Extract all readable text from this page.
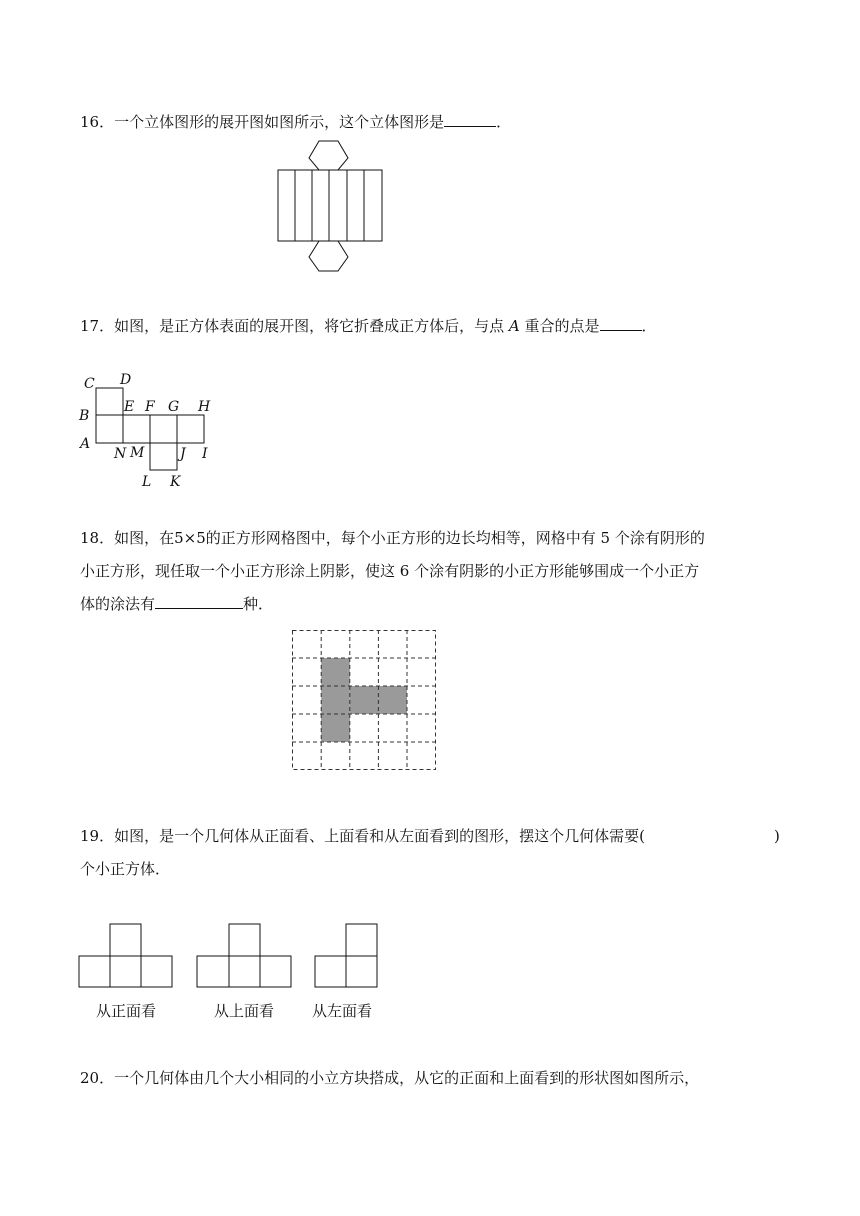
16．一个立体图形的展开图如图所示，这个立体图形是	．
17．如图，是正方体表面的展开图，将它折叠成正方体后，与点 A 重合的点是	．
C D
B
E F G H
A
N M	J I
L K
18．如图，在5×5的正方形网格图中，每个小正方形的边长均相等，网格中有 5 个涂有阴形的
小正方形，现任取一个小正方形涂上阴影，使这 6 个涂有阴影的小正方形能够围成一个小正方
体的涂法有	种．
19．如图，是一个几何体从正面看、上面看和从左面看到的图形，摆这个几何体需要(	)
个小正方体．
从正面看	从上面看	从左面看
20．一个几何体由几个大小相同的小立方块搭成，从它的正面和上面看到的形状图如图所示，
